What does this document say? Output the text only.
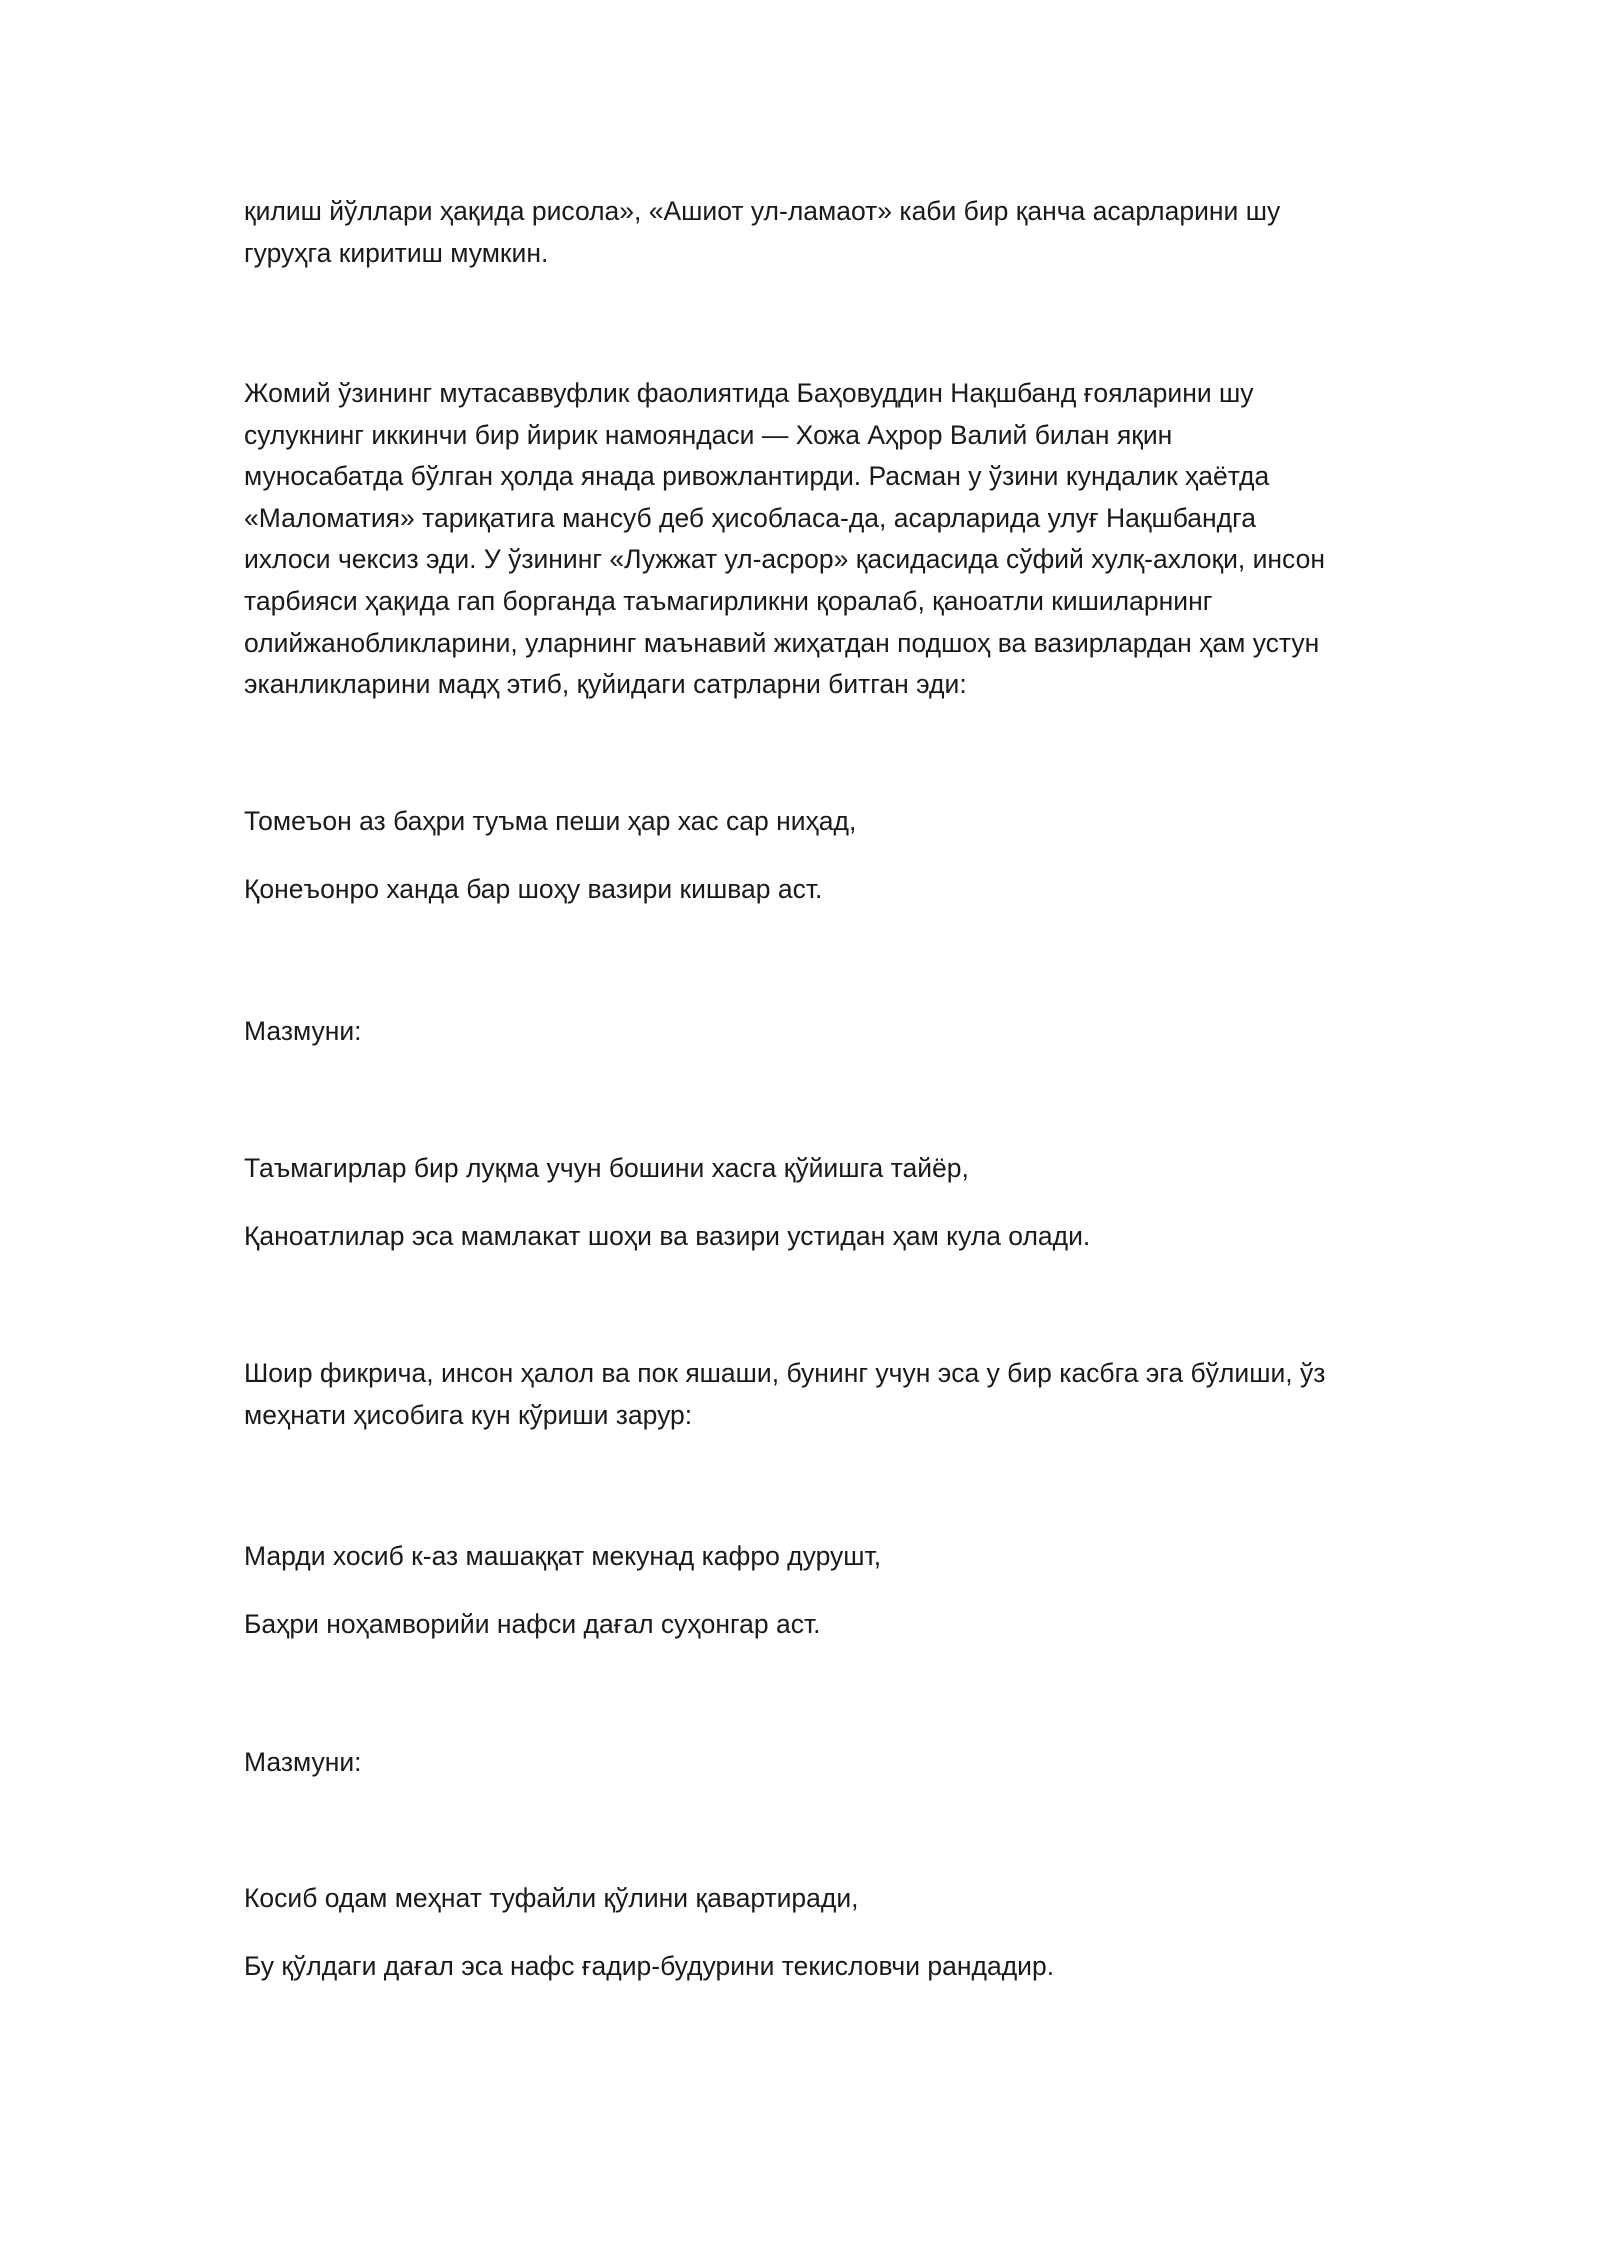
қилиш йўллари ҳақида рисола», «Ашиот ул-ламаот» каби бир қанча асарларини шу
гуруҳга киритиш мумкин.

Жомий ўзининг мутасаввуфлик фаолиятида Баҳовуддин Нақшбанд ғояларини шу
сулукнинг иккинчи бир йирик намояндаси — Хожа Аҳрор Валий билан яқин
муносабатда бўлган ҳолда янада ривожлантирди. Расман у ўзини кундалик ҳаётда
«Маломатия» тариқатига мансуб деб ҳисобласа-да, асарларида улуғ Нақшбандга
ихлоси чексиз эди. У ўзининг «Лужжат ул-асрор» қасидасида сўфий хулқ-ахлоқи, инсон
тарбияси ҳақида гап борганда таъмагирликни қоралаб, қаноатли кишиларнинг
олийжанобликларини, уларнинг маънавий жиҳатдан подшоҳ ва вазирлардан ҳам устун
эканликларини мадҳ этиб, қуйидаги сатрларни битган эди:

Томеъон аз баҳри туъма пеши ҳар хас сар ниҳад,

Қонеъонро ханда бар шоҳу вазири кишвар аст.

Мазмуни:

Таъмагирлар бир луқма учун бошини хасга қўйишга тайёр,

Қаноатлилар эса мамлакат шоҳи ва вазири устидан ҳам кула олади.

Шоир фикрича, инсон ҳалол ва пок яшаши, бунинг учун эса у бир касбга эга бўлиши, ўз
меҳнати ҳисобига кун кўриши зарур:

Марди хосиб к-аз машаққат мекунад кафро дурушт,

Баҳри ноҳамворийи нафси дағал суҳонгар аст.

Мазмуни:

Косиб одам меҳнат туфайли қўлини қавартиради,

Бу қўлдаги дағал эса нафс ғадир-будурини текисловчи рандадир.
